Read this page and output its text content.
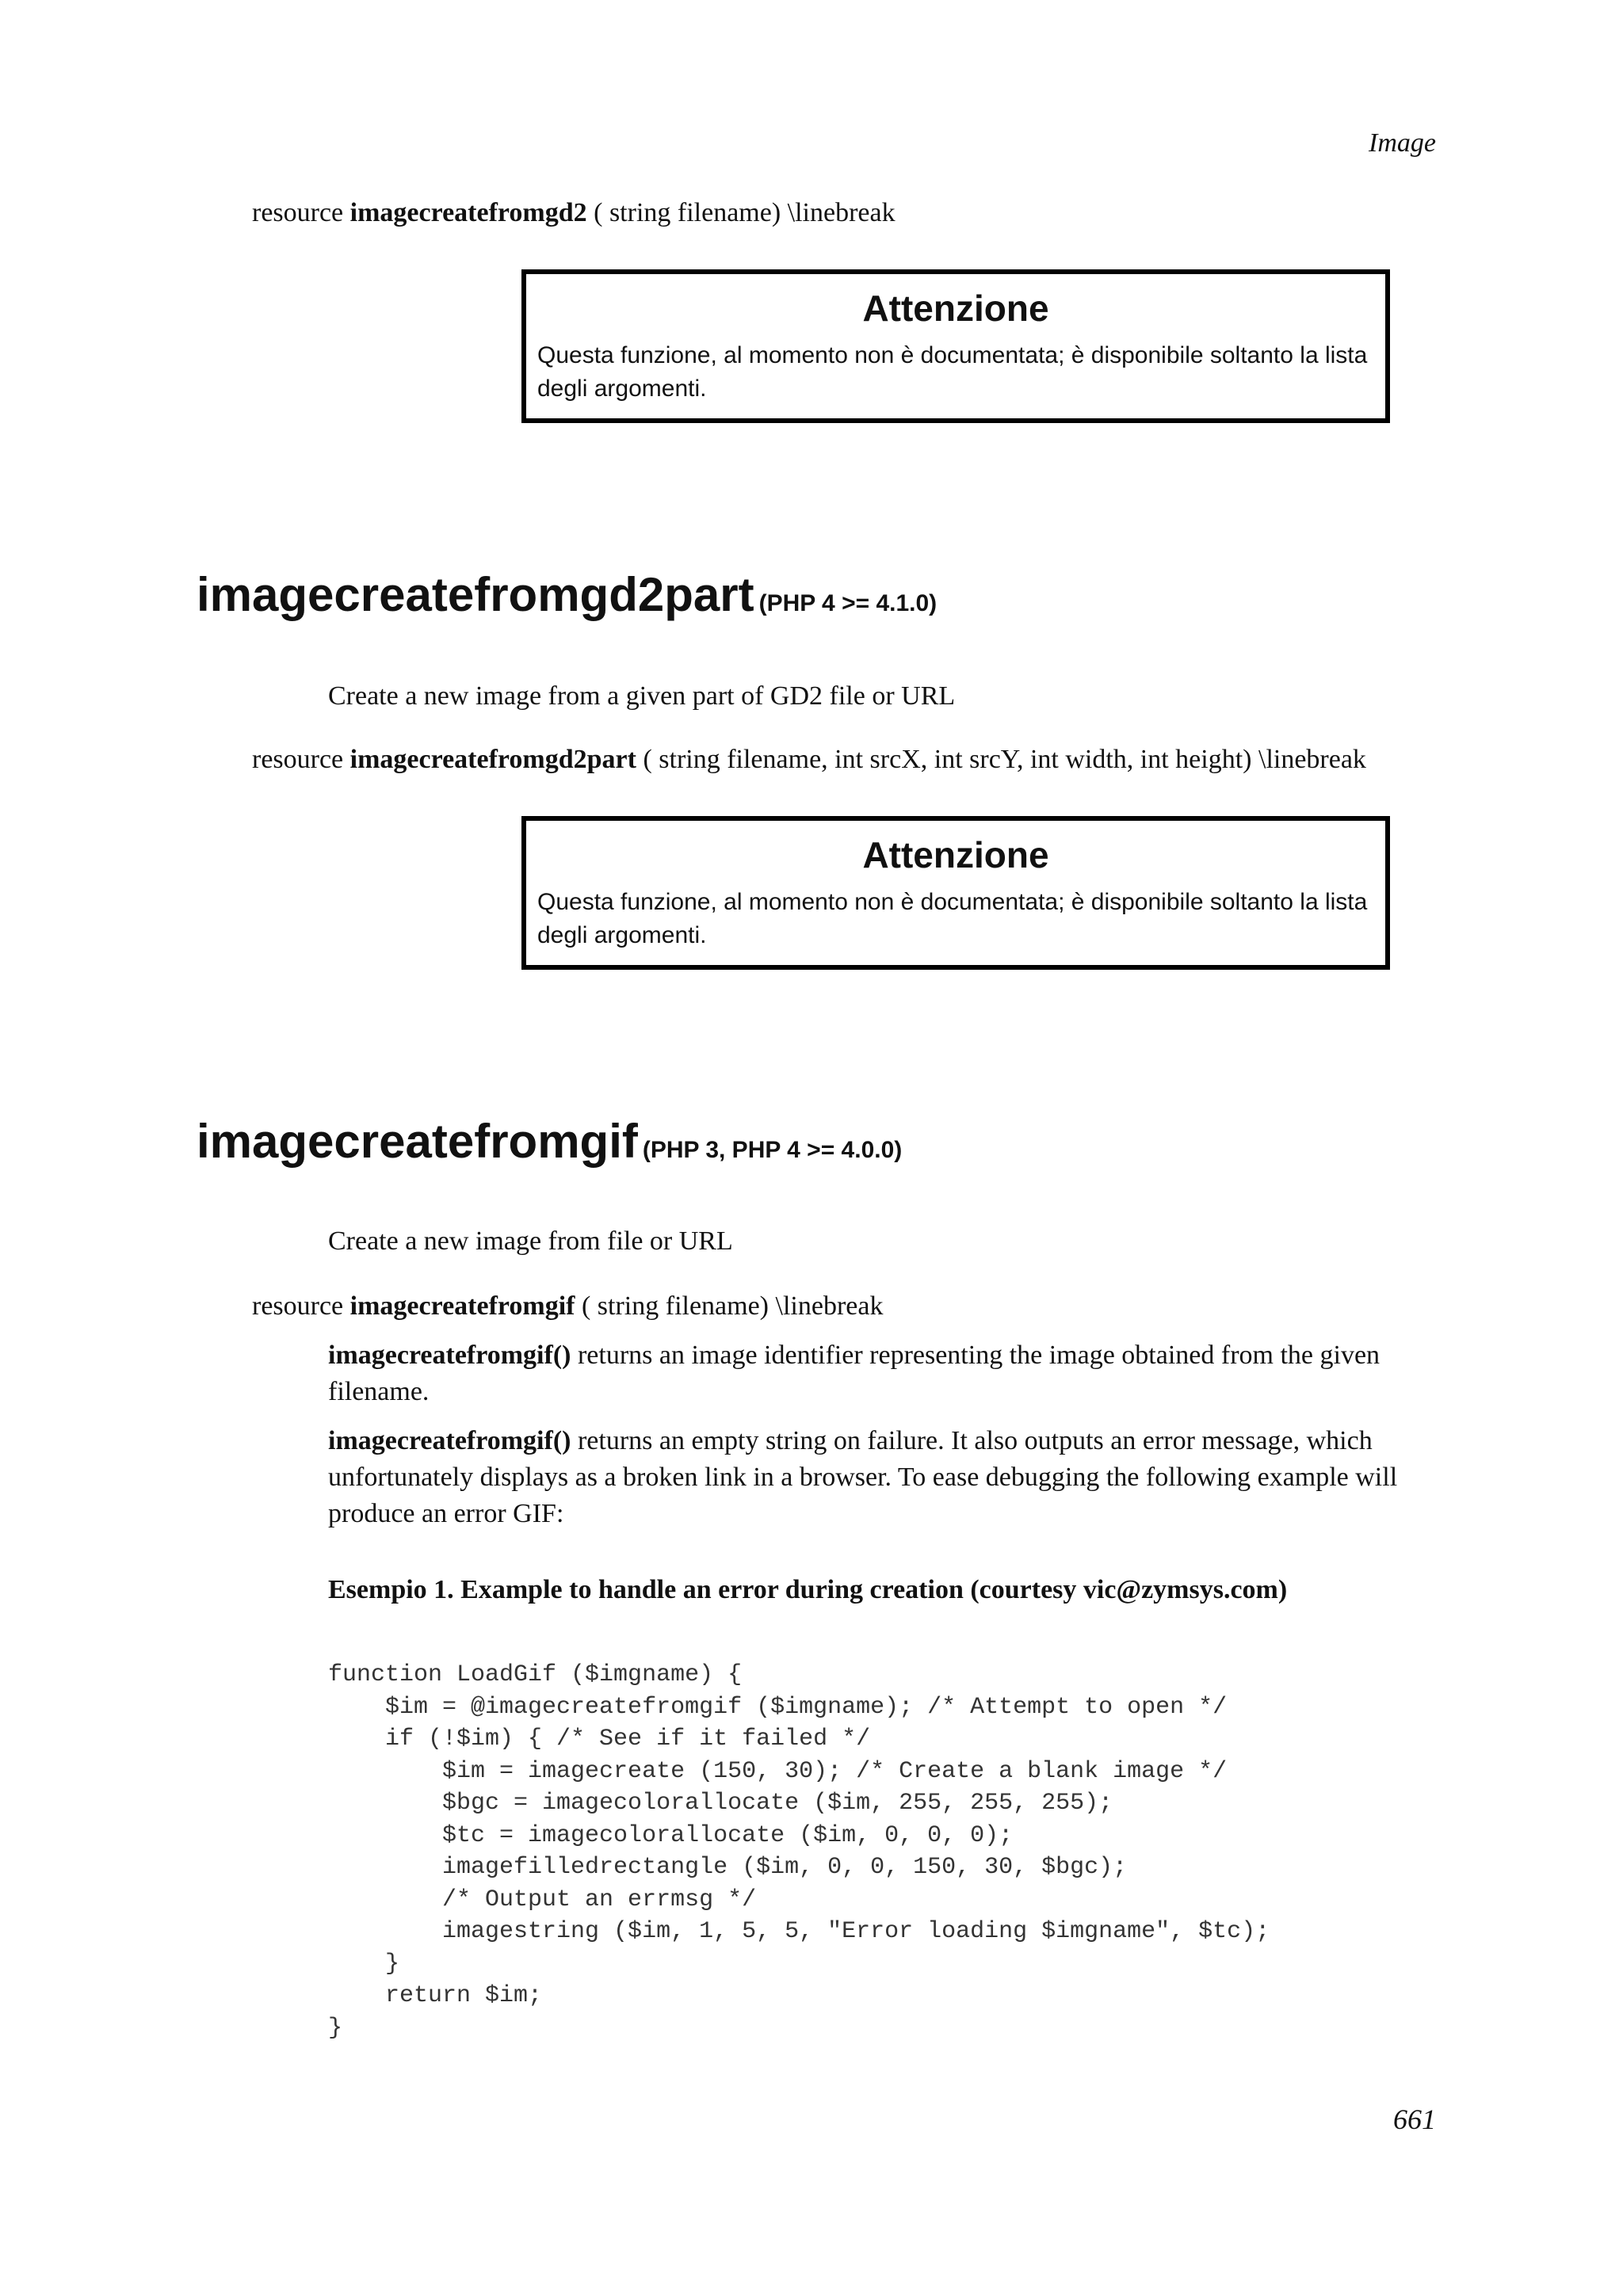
Image

resource imagecreatefromgd2 ( string filename) \linebreak

Attenzione

Questa funzione, al momento non è documentata; è disponibile soltanto la lista degli argomenti.

imagecreatefromgd2part (PHP 4 >= 4.1.0)

Create a new image from a given part of GD2 file or URL

resource imagecreatefromgd2part ( string filename, int srcX, int srcY, int width, int height) \linebreak

Attenzione

Questa funzione, al momento non è documentata; è disponibile soltanto la lista degli argomenti.

imagecreatefromgif (PHP 3, PHP 4 >= 4.0.0)

Create a new image from file or URL

resource imagecreatefromgif ( string filename) \linebreak

imagecreatefromgif() returns an image identifier representing the image obtained from the given filename.

imagecreatefromgif() returns an empty string on failure. It also outputs an error message, which unfortunately displays as a broken link in a browser. To ease debugging the following example will produce an error GIF:

Esempio 1. Example to handle an error during creation (courtesy vic@zymsys.com)

function LoadGif ($imgname) {
$im = @imagecreatefromgif ($imgname); /* Attempt to open */
if (!$im) { /* See if it failed */
$im = imagecreate (150, 30); /* Create a blank image */
$bgc = imagecolorallocate ($im, 255, 255, 255);
$tc = imagecolorallocate ($im, 0, 0, 0);
imagefilledrectangle ($im, 0, 0, 150, 30, $bgc);
/* Output an errmsg */
imagestring ($im, 1, 5, 5, "Error loading $imgname", $tc);
}
return $im;
}
661
